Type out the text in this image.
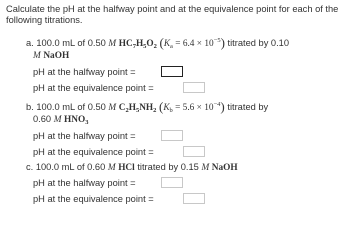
Calculate the pH at the halfway point and at the equivalence point for each of the
following titrations.
a. 100.0 mL of 0.50 M $HC_7H_5O_2$ $(K_a = 6.4 \times 10^{-5})$ titrated by 0.10
M NaOH
pH at the halfway point =
pH at the equivalence point =
b. 100.0 mL of 0.50 M $C_2H_5NH_2$ $(K_b = 5.6 \times 10^{-4})$ titrated by
0.60 M $HNO_3$
pH at the halfway point =
pH at the equivalence point =
c. 100.0 mL of 0.60 M HCl titrated by 0.15 M NaOH
pH at the halfway point =
pH at the equivalence point =
